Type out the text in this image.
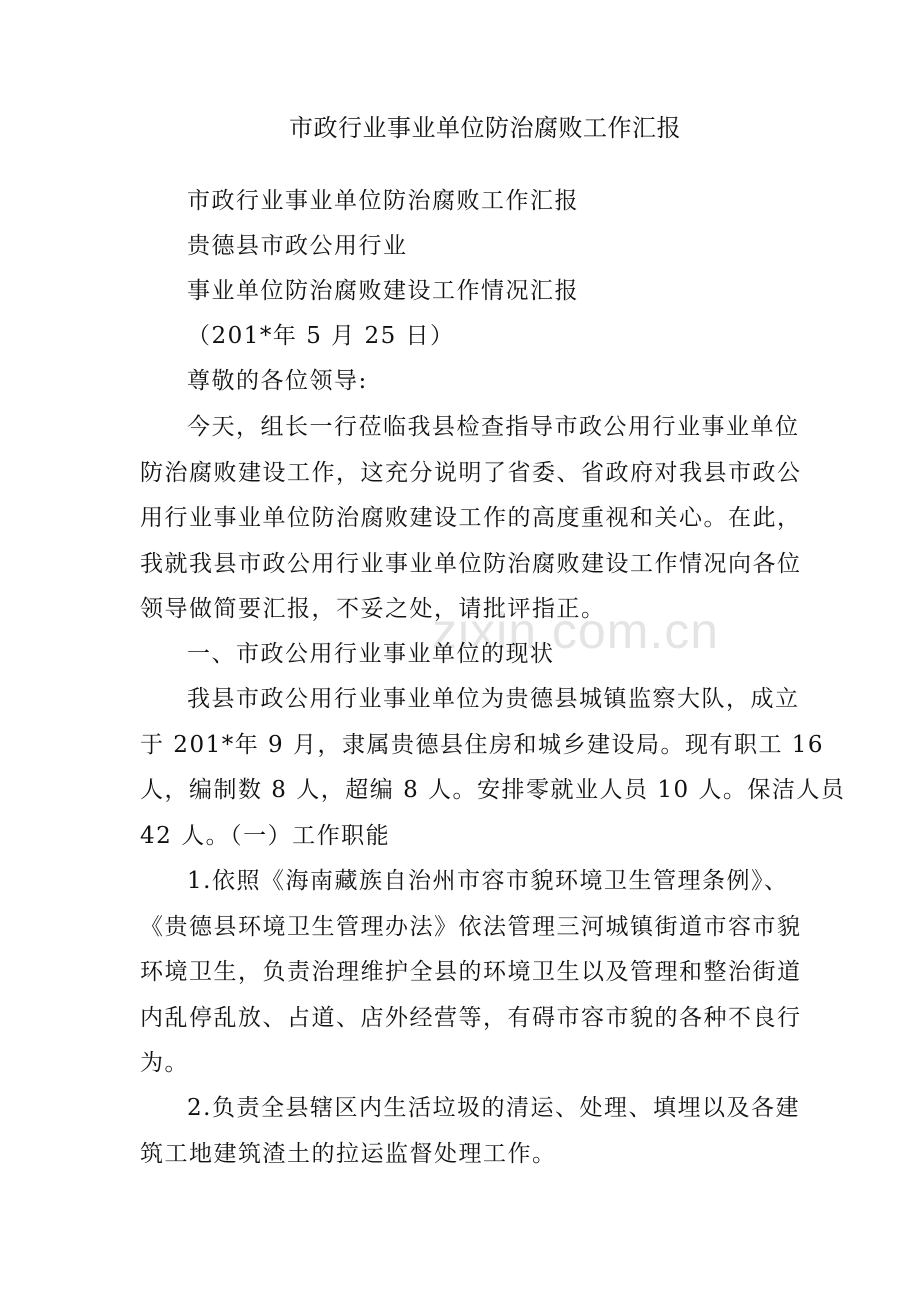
市政行业事业单位防治腐败工作汇报
市政行业事业单位防治腐败工作汇报
贵德县市政公用行业
事业单位防治腐败建设工作情况汇报
（201*年 5 月 25 日）
尊敬的各位领导:
今天，组长一行莅临我县检查指导市政公用行业事业单位
防治腐败建设工作，这充分说明了省委、省政府对我县市政公
用行业事业单位防治腐败建设工作的高度重视和关心。在此，
我就我县市政公用行业事业单位防治腐败建设工作情况向各位
领导做简要汇报，不妥之处，请批评指正。
一、市政公用行业事业单位的现状
我县市政公用行业事业单位为贵德县城镇监察大队，成立
于 201*年 9 月，隶属贵德县住房和城乡建设局。现有职工 16
人，编制数 8 人，超编 8 人。安排零就业人员 10 人。保洁人员
42 人。（一）工作职能
1.依照《海南藏族自治州市容市貌环境卫生管理条例》、
《贵德县环境卫生管理办法》依法管理三河城镇街道市容市貌
环境卫生，负责治理维护全县的环境卫生以及管理和整治街道
内乱停乱放、占道、店外经营等，有碍市容市貌的各种不良行
为。
2.负责全县辖区内生活垃圾的清运、处理、填埋以及各建
筑工地建筑渣土的拉运监督处理工作。
zixin.com.cn
